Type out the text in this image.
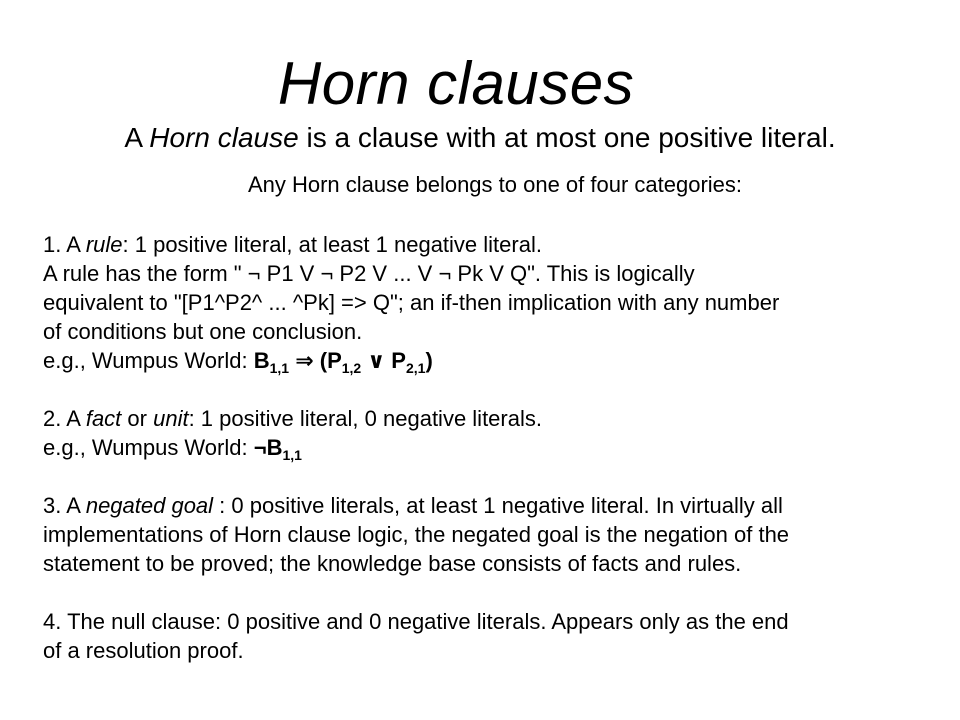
Horn clauses
A Horn clause is a clause with at most one positive literal.
Any Horn clause belongs to one of four categories:
1. A rule: 1 positive literal, at least 1 negative literal.
A rule has the form " ¬ P1 V ¬ P2 V ... V ¬ Pk V Q". This is logically
equivalent to "[P1^P2^ ... ^Pk] => Q"; an if-then implication with any number
of conditions but one conclusion.
e.g., Wumpus World: $B_{1,1}$ ⇒ ($P_{1,2}$ ∨ $P_{2,1}$)
2. A fact or unit: 1 positive literal, 0 negative literals.
e.g., Wumpus World: $\neg B_{1,1}$
3. A negated goal : 0 positive literals, at least 1 negative literal. In virtually all
implementations of Horn clause logic, the negated goal is the negation of the
statement to be proved; the knowledge base consists of facts and rules.
4. The null clause: 0 positive and 0 negative literals. Appears only as the end
of a resolution proof.
